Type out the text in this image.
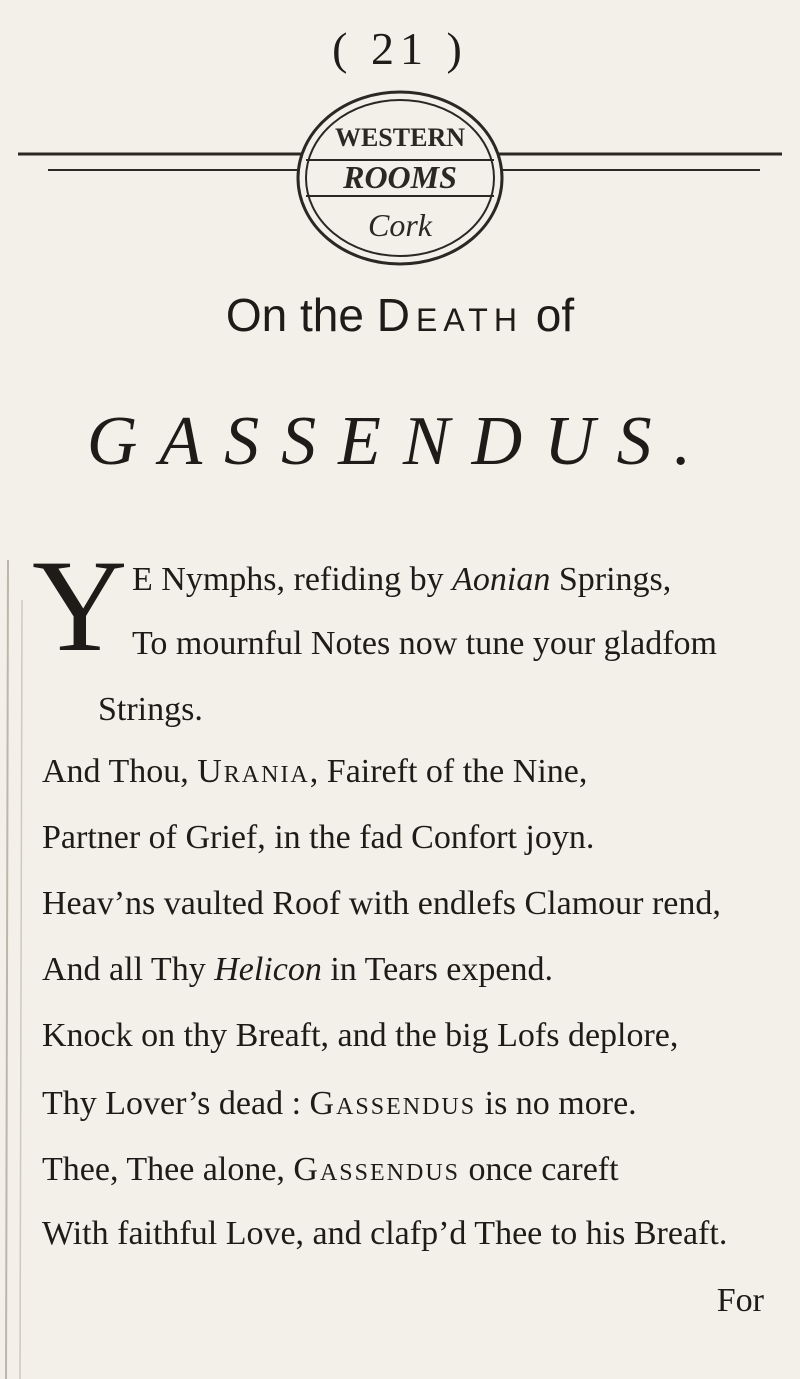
( 21 )
WESTERN
ROOMS
Cork
On the Death of
GASSENDUS.
Y E Nymphs, refiding by Aonian Springs,
To mournful Notes now tune your gladfom
Strings.
And Thou, Urania, Faireft of the Nine,
Partner of Grief, in the fad Confort joyn.
Heav’ns vaulted Roof with endlefs Clamour rend,
And all Thy Helicon in Tears expend.
Knock on thy Breaft, and the big Lofs deplore,
Thy Lover’s dead : Gassendus is no more.
Thee, Thee alone, Gassendus once careft
With faithful Love, and clafp’d Thee to his Breaft.
For
